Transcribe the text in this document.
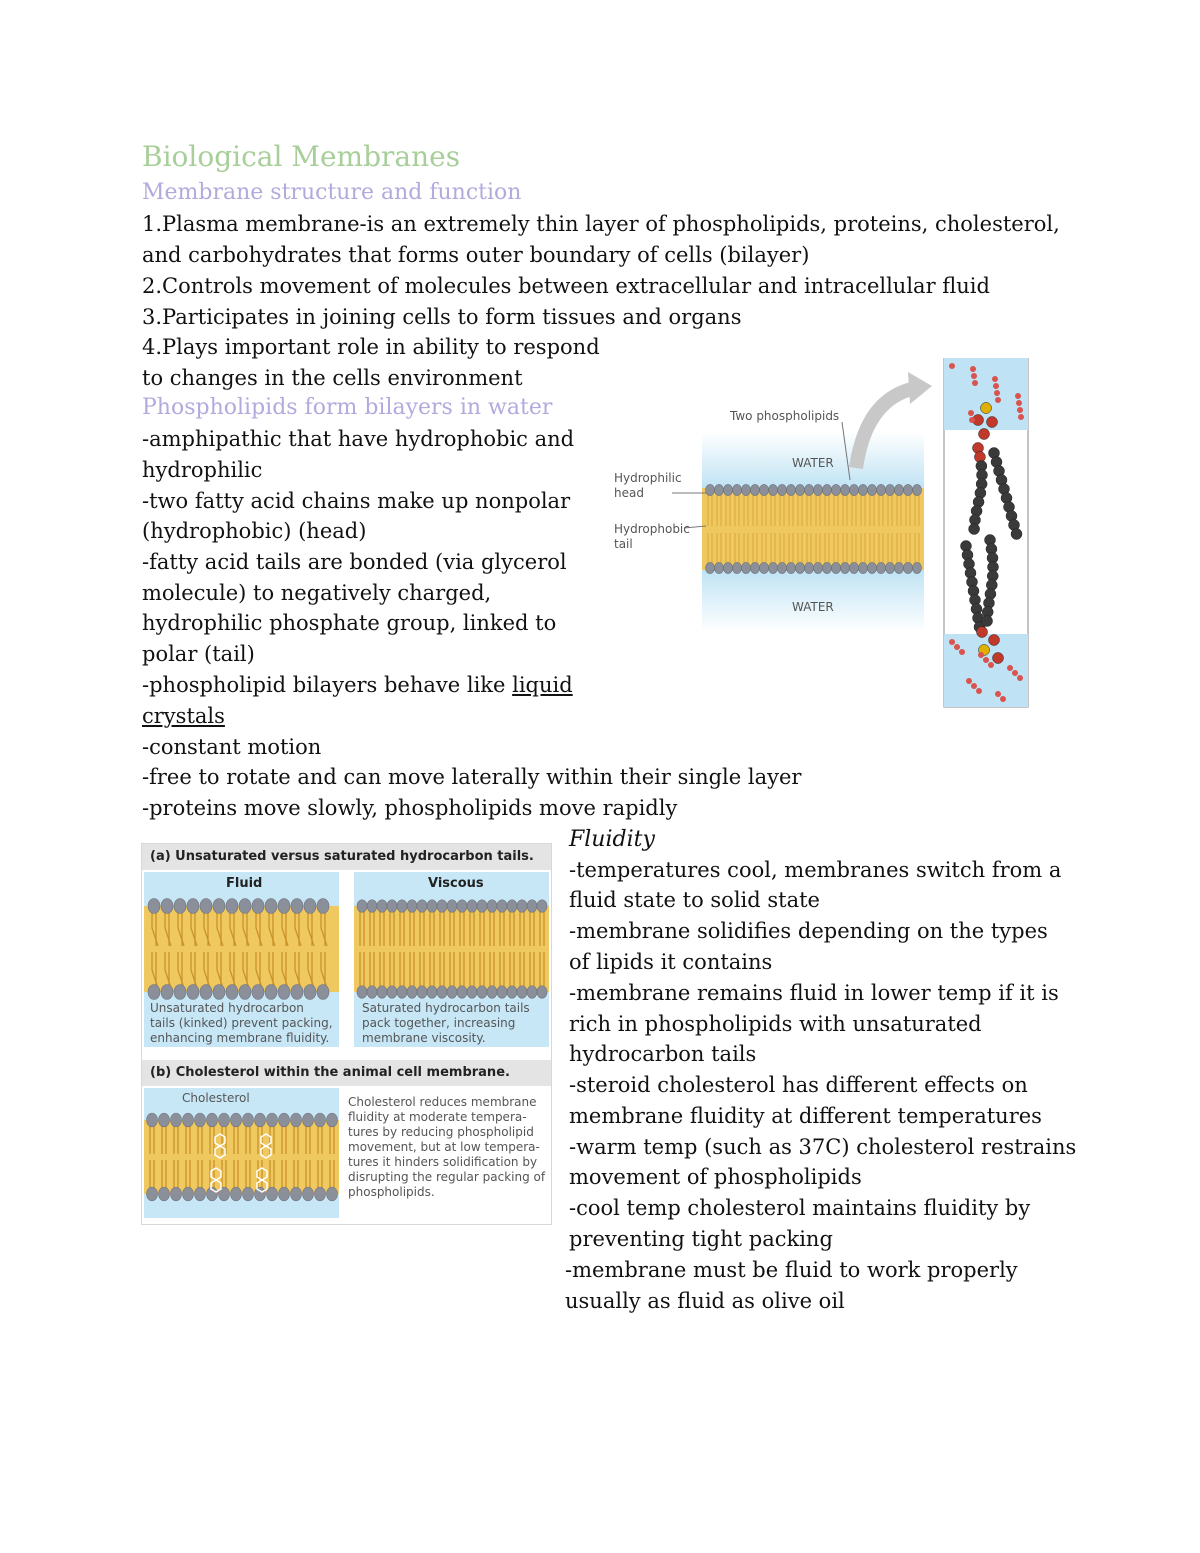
Biological Membranes
Membrane structure and function
1.Plasma membrane-is an extremely thin layer of phospholipids, proteins, cholesterol,
and carbohydrates that forms outer boundary of cells (bilayer)
2.Controls movement of molecules between extracellular and intracellular fluid
3.Participates in joining cells to form tissues and organs
4.Plays important role in ability to respond
to changes in the cells environment
Phospholipids form bilayers in water
-amphipathic that have hydrophobic and
hydrophilic
-two fatty acid chains make up nonpolar
(hydrophobic) (head)
-fatty acid tails are bonded (via glycerol
molecule) to negatively charged,
hydrophilic phosphate group, linked to
polar (tail)
-phospholipid bilayers behave like liquid
crystals
-constant motion
-free to rotate and can move laterally within their single layer
-proteins move slowly, phospholipids move rapidly
Two phospholipids
WATER
WATER
Hydrophilic
head
Hydrophobic
tail
(a) Unsaturated versus saturated hydrocarbon tails.
Fluid	Viscous
Unsaturated hydrocarbon
tails (kinked) prevent packing,
enhancing membrane fluidity.
Saturated hydrocarbon tails
pack together, increasing
membrane viscosity.
(b) Cholesterol within the animal cell membrane.
Cholesterol	Cholesterol reduces membrane
fluidity at moderate tempera-
tures by reducing phospholipid
movement, but at low tempera-
tures it hinders solidification by
disrupting the regular packing of
phospholipids.
Fluidity
-temperatures cool, membranes switch from a
fluid state to solid state
-membrane solidifies depending on the types
of lipids it contains
-membrane remains fluid in lower temp if it is
rich in phospholipids with unsaturated
hydrocarbon tails
-steroid cholesterol has different effects on
membrane fluidity at different temperatures
-warm temp (such as 37C) cholesterol restrains
movement of phospholipids
-cool temp cholesterol maintains fluidity by
preventing tight packing
-membrane must be fluid to work properly
usually as fluid as olive oil
